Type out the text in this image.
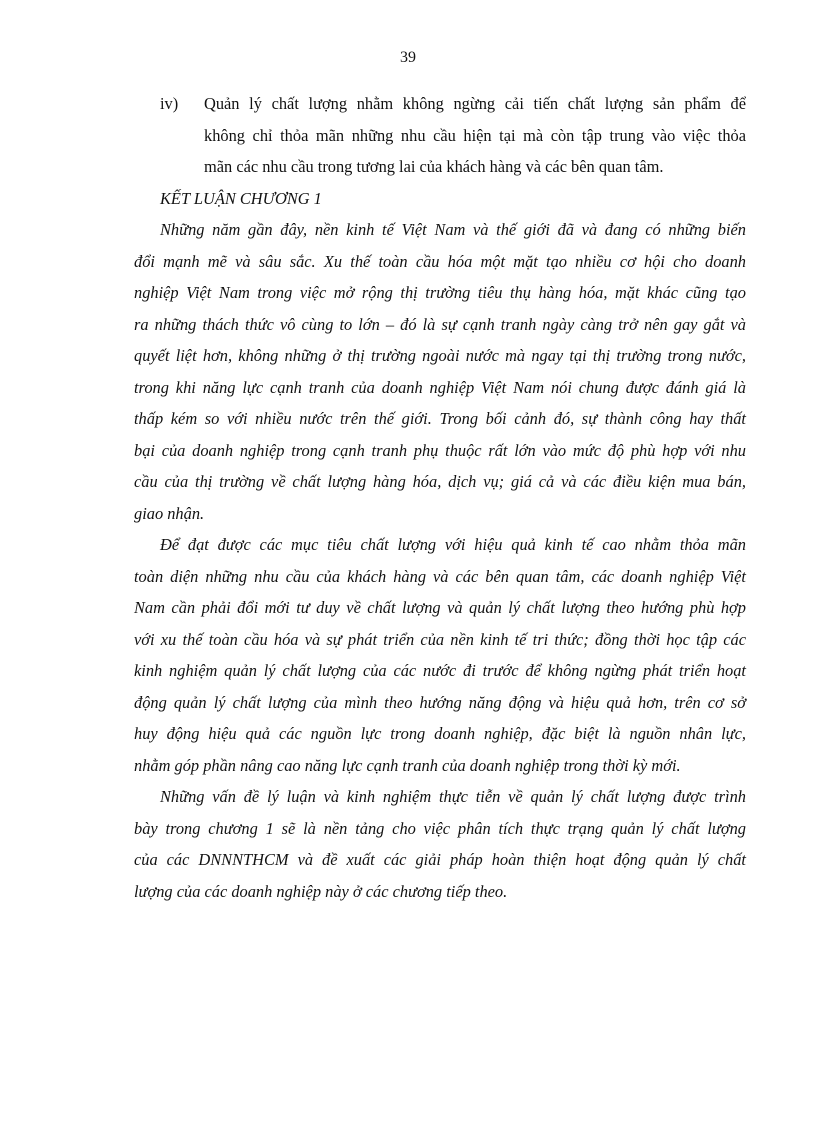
39
iv) Quản lý chất lượng nhằm không ngừng cải tiến chất lượng sản phẩm để
không chỉ thỏa mãn những nhu cầu hiện tại mà còn tập trung vào việc thỏa
mãn các nhu cầu trong tương lai của khách hàng và các bên quan tâm.

KẾT LUẬN CHƯƠNG 1

Những năm gần đây, nền kinh tế Việt Nam và thế giới đã và đang có những biến
đổi mạnh mẽ và sâu sắc. Xu thế toàn cầu hóa một mặt tạo nhiều cơ hội cho doanh
nghiệp Việt Nam trong việc mở rộng thị trường tiêu thụ hàng hóa, mặt khác cũng tạo
ra những thách thức vô cùng to lớn – đó là sự cạnh tranh ngày càng trở nên gay gắt và
quyết liệt hơn, không những ở thị trường ngoài nước mà ngay tại thị trường trong nước,
trong khi năng lực cạnh tranh của doanh nghiệp Việt Nam nói chung được đánh giá là
thấp kém so với nhiều nước trên thế giới. Trong bối cảnh đó, sự thành công hay thất
bại của doanh nghiệp trong cạnh tranh phụ thuộc rất lớn vào mức độ phù hợp với nhu
cầu của thị trường về chất lượng hàng hóa, dịch vụ; giá cả và các điều kiện mua bán,
giao nhận.
Để đạt được các mục tiêu chất lượng với hiệu quả kinh tế cao nhằm thỏa mãn
toàn diện những nhu cầu của khách hàng và các bên quan tâm, các doanh nghiệp Việt
Nam cần phải đổi mới tư duy về chất lượng và quản lý chất lượng theo hướng phù hợp
với xu thế toàn cầu hóa và sự phát triển của nền kinh tế tri thức; đồng thời học tập các
kinh nghiệm quản lý chất lượng của các nước đi trước để không ngừng phát triển hoạt
động quản lý chất lượng của mình theo hướng năng động và hiệu quả hơn, trên cơ sở
huy động hiệu quả các nguồn lực trong doanh nghiệp, đặc biệt là nguồn nhân lực,
nhằm góp phần nâng cao năng lực cạnh tranh của doanh nghiệp trong thời kỳ mới.
Những vấn đề lý luận và kinh nghiệm thực tiễn về quản lý chất lượng được trình
bày trong chương 1 sẽ là nền tảng cho việc phân tích thực trạng quản lý chất lượng
của các DNNNTHCM và đề xuất các giải pháp hoàn thiện hoạt động quản lý chất
lượng của các doanh nghiệp này ở các chương tiếp theo.
